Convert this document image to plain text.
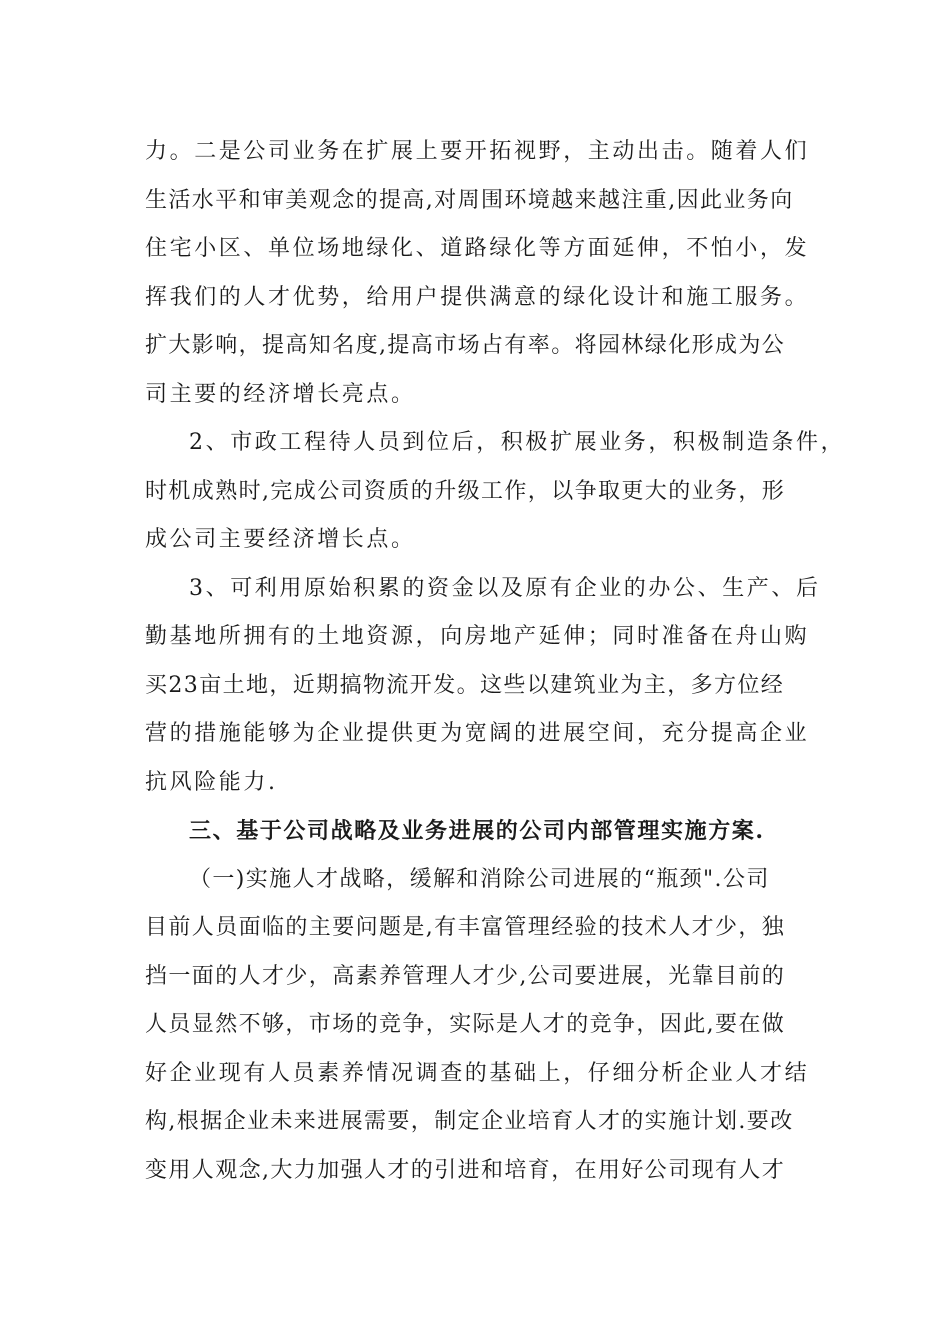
力。二是公司业务在扩展上要开拓视野，主动出击。随着人们
生活水平和审美观念的提高,对周围环境越来越注重,因此业务向
住宅小区、单位场地绿化、道路绿化等方面延伸，不怕小，发
挥我们的人才优势，给用户提供满意的绿化设计和施工服务。
扩大影响，提高知名度,提高市场占有率。将园林绿化形成为公
司主要的经济增长亮点。
2、市政工程待人员到位后，积极扩展业务，积极制造条件，
时机成熟时,完成公司资质的升级工作，以争取更大的业务，形
成公司主要经济增长点。
3、可利用原始积累的资金以及原有企业的办公、生产、后
勤基地所拥有的土地资源，向房地产延伸；同时准备在舟山购
买23亩土地，近期搞物流开发。这些以建筑业为主，多方位经
营的措施能够为企业提供更为宽阔的进展空间，充分提高企业
抗风险能力.
三、基于公司战略及业务进展的公司内部管理实施方案.
（一)实施人才战略，缓解和消除公司进展的“瓶颈".公司
目前人员面临的主要问题是,有丰富管理经验的技术人才少，独
挡一面的人才少，高素养管理人才少,公司要进展，光靠目前的
人员显然不够，市场的竞争，实际是人才的竞争，因此,要在做
好企业现有人员素养情况调查的基础上，仔细分析企业人才结
构,根据企业未来进展需要，制定企业培育人才的实施计划.要改
变用人观念,大力加强人才的引进和培育，在用好公司现有人才
